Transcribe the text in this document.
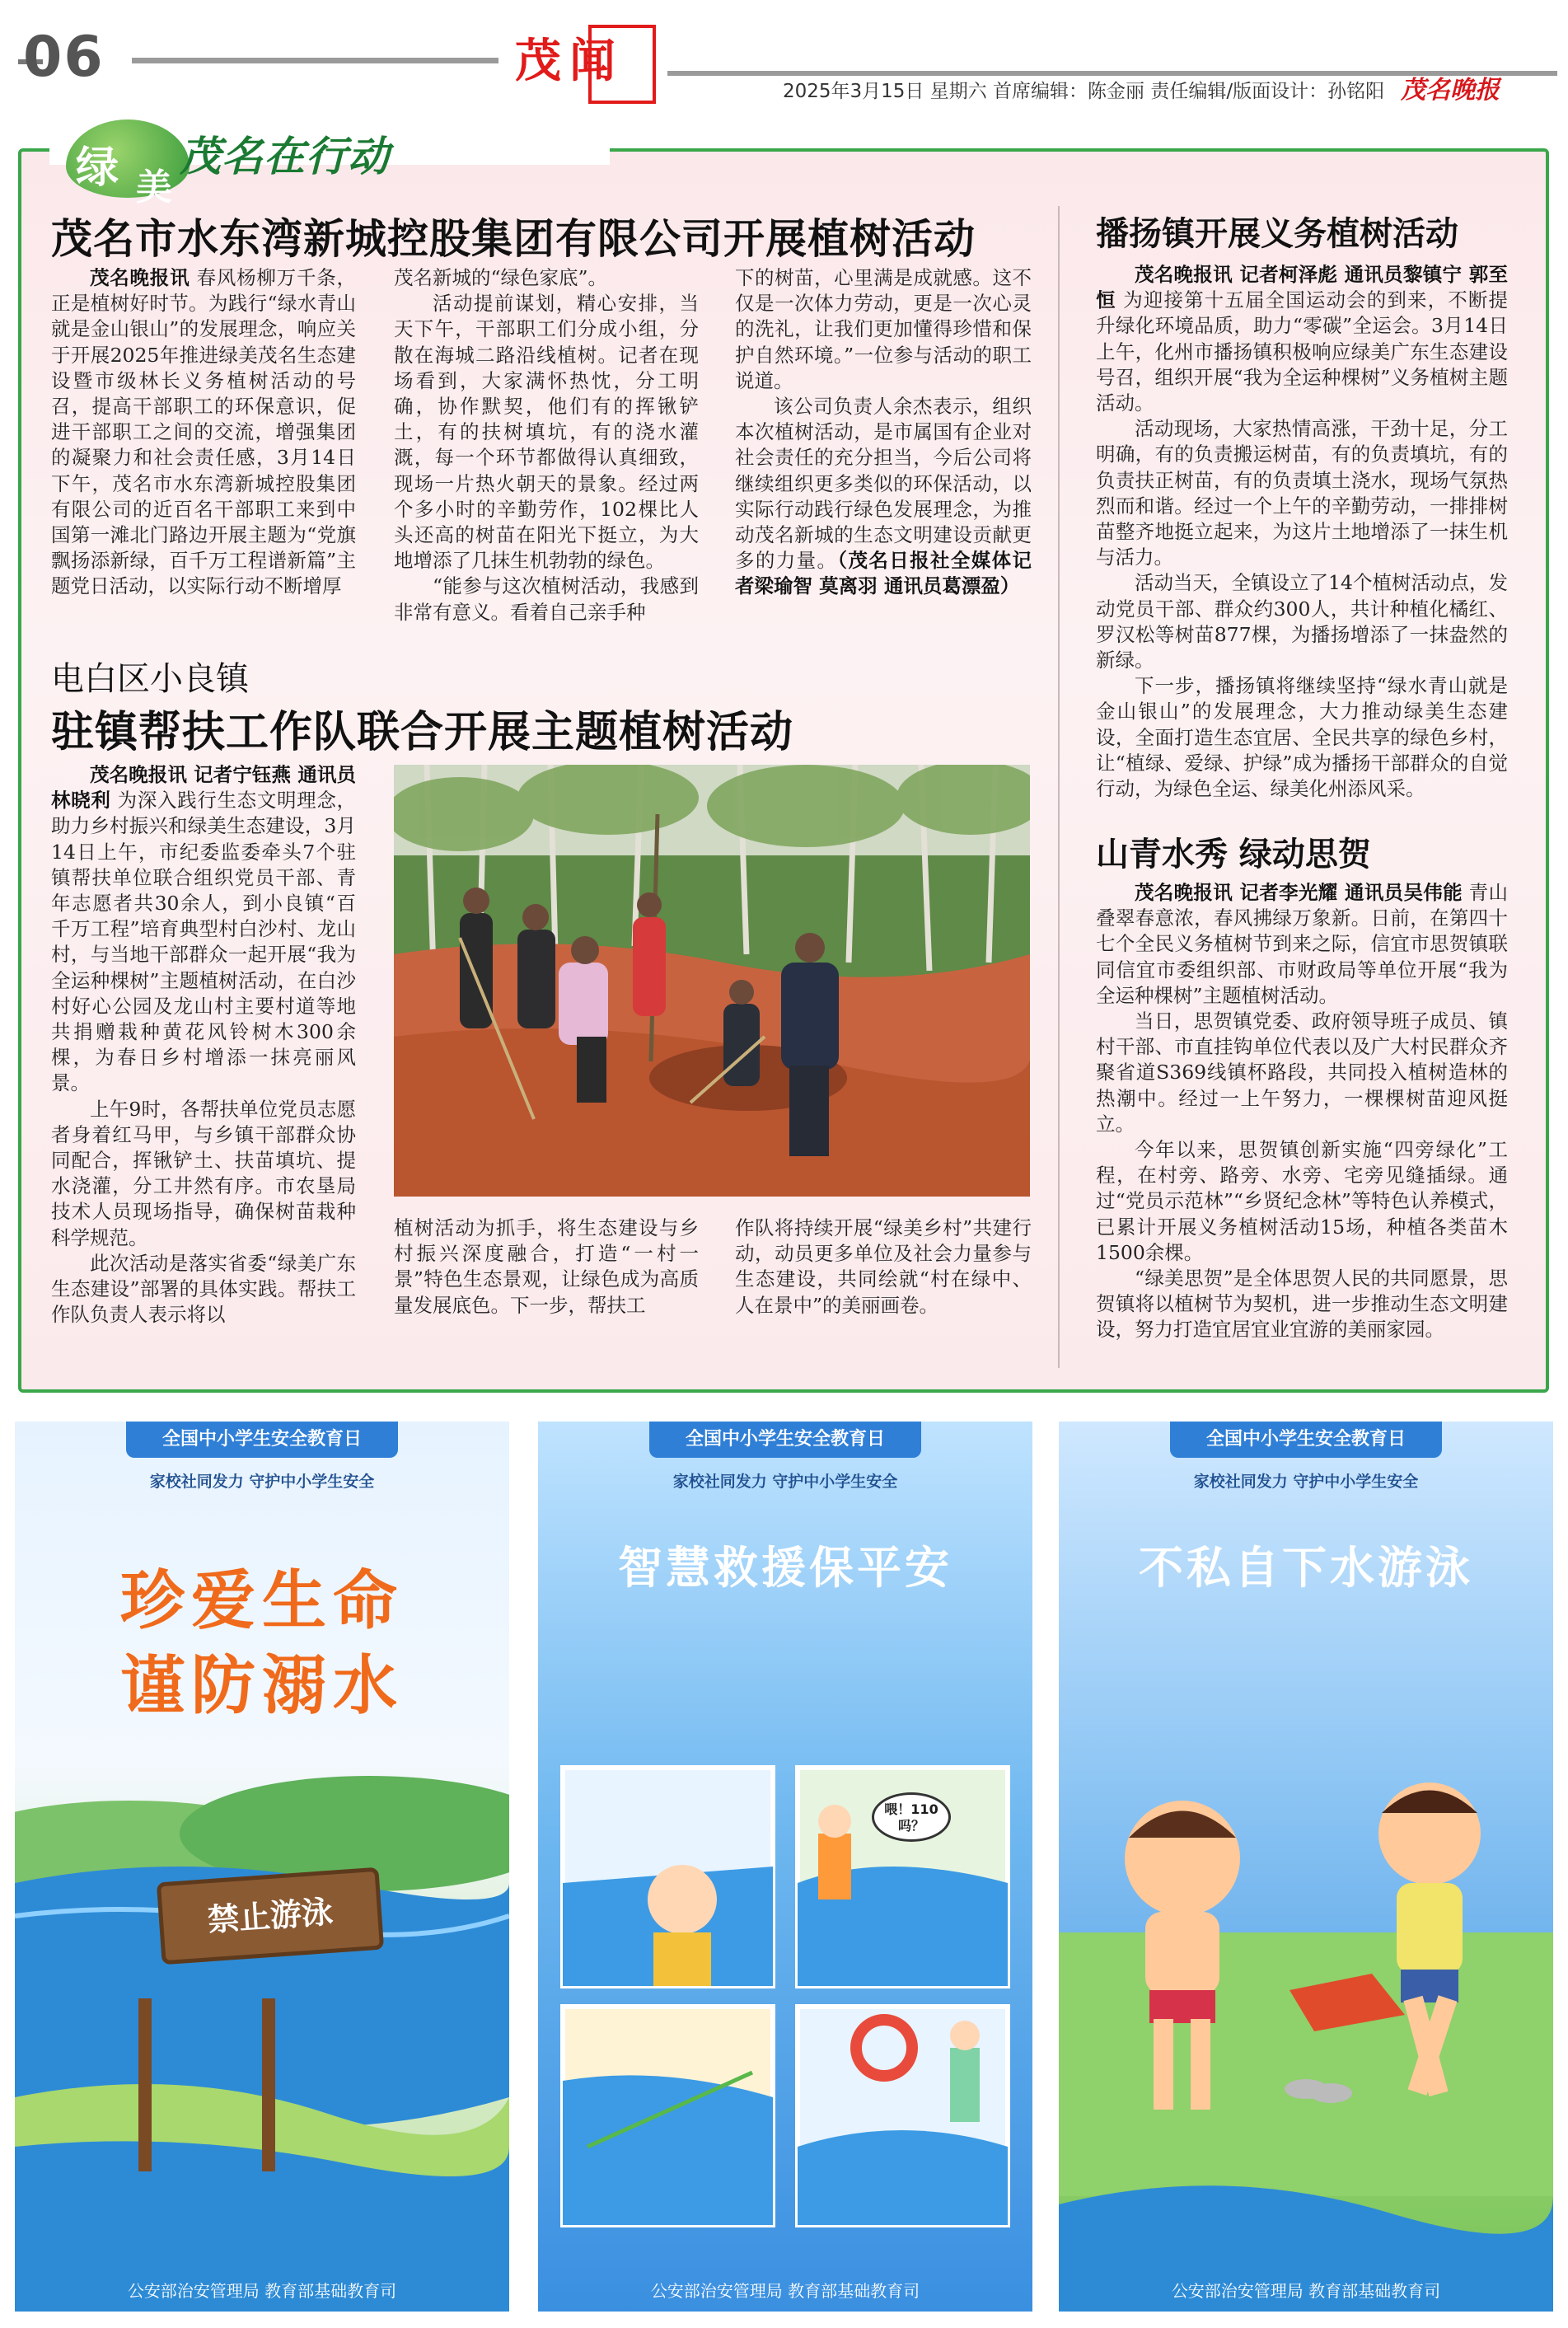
06	茂闻
2025年3月15日 星期六 首席编辑：陈金丽 责任编辑/版面设计：孙铭阳 茂名晚报
绿 美
茂名在行动
茂名市水东湾新城控股集团有限公司开展植树活动

茂名晚报讯 春风杨柳万千条，正是植树好时节。为践行“绿水青山就是金山银山”的发展理念，响应关于开展2025年推进绿美茂名生态建设暨市级林长义务植树活动的号召，提高干部职工的环保意识，促进干部职工之间的交流，增强集团的凝聚力和社会责任感，3月14日下午，茂名市水东湾新城控股集团有限公司的近百名干部职工来到中国第一滩北门路边开展主题为“党旗飘扬添新绿，百千万工程谱新篇”主题党日活动，以实际行动不断增厚

茂名新城的“绿色家底”。

活动提前谋划，精心安排，当天下午，干部职工们分成小组，分散在海城二路沿线植树。记者在现场看到，大家满怀热忱，分工明确，协作默契，他们有的挥锹铲土，有的扶树填坑，有的浇水灌溉，每一个环节都做得认真细致，现场一片热火朝天的景象。经过两个多小时的辛勤劳作，102棵比人头还高的树苗在阳光下挺立，为大地增添了几抹生机勃勃的绿色。

“能参与这次植树活动，我感到非常有意义。看着自己亲手种

下的树苗，心里满是成就感。这不仅是一次体力劳动，更是一次心灵的洗礼，让我们更加懂得珍惜和保护自然环境。”一位参与活动的职工说道。

该公司负责人余杰表示，组织本次植树活动，是市属国有企业对社会责任的充分担当，今后公司将继续组织更多类似的环保活动，以实际行动践行绿色发展理念，为推动茂名新城的生态文明建设贡献更多的力量。（茂名日报社全媒体记者梁瑜智 莫离羽 通讯员葛漂盈）

电白区小良镇
驻镇帮扶工作队联合开展主题植树活动

茂名晚报讯 记者宁钰燕 通讯员林晓利 为深入践行生态文明理念，助力乡村振兴和绿美生态建设，3月14日上午，市纪委监委牵头7个驻镇帮扶单位联合组织党员干部、青年志愿者共30余人，到小良镇“百千万工程”培育典型村白沙村、龙山村，与当地干部群众一起开展“我为全运种棵树”主题植树活动，在白沙村好心公园及龙山村主要村道等地共捐赠栽种黄花风铃树木300余棵，为春日乡村增添一抹亮丽风景。

上午9时，各帮扶单位党员志愿者身着红马甲，与乡镇干部群众协同配合，挥锹铲土、扶苗填坑、提水浇灌，分工井然有序。市农垦局技术人员现场指导，确保树苗栽种科学规范。

此次活动是落实省委“绿美广东生态建设”部署的具体实践。帮扶工作队负责人表示将以

植树活动为抓手，将生态建设与乡村振兴深度融合，打造“一村一景”特色生态景观，让绿色成为高质量发展底色。下一步，帮扶工
作队将持续开展“绿美乡村”共建行动，动员更多单位及社会力量参与生态建设，共同绘就“村在绿中、人在景中”的美丽画卷。
播扬镇开展义务植树活动

茂名晚报讯 记者柯泽彪 通讯员黎镇宁 郭至恒 为迎接第十五届全国运动会的到来，不断提升绿化环境品质，助力“零碳”全运会。3月14日上午，化州市播扬镇积极响应绿美广东生态建设号召，组织开展“我为全运种棵树”义务植树主题活动。

活动现场，大家热情高涨，干劲十足，分工明确，有的负责搬运树苗，有的负责填坑，有的负责扶正树苗，有的负责填土浇水，现场气氛热烈而和谐。经过一个上午的辛勤劳动，一排排树苗整齐地挺立起来，为这片土地增添了一抹生机与活力。

活动当天，全镇设立了14个植树活动点，发动党员干部、群众约300人，共计种植化橘红、罗汉松等树苗877棵，为播扬增添了一抹盎然的新绿。

下一步，播扬镇将继续坚持“绿水青山就是金山银山”的发展理念，大力推动绿美生态建设，全面打造生态宜居、全民共享的绿色乡村，让“植绿、爱绿、护绿”成为播扬干部群众的自觉行动，为绿色全运、绿美化州添风采。

山青水秀 绿动思贺

茂名晚报讯 记者李光耀 通讯员吴伟能 青山叠翠春意浓，春风拂绿万象新。日前，在第四十七个全民义务植树节到来之际，信宜市思贺镇联同信宜市委组织部、市财政局等单位开展“我为全运种棵树”主题植树活动。

当日，思贺镇党委、政府领导班子成员、镇村干部、市直挂钩单位代表以及广大村民群众齐聚省道S369线镇杯路段，共同投入植树造林的热潮中。经过一上午努力，一棵棵树苗迎风挺立。

今年以来，思贺镇创新实施“四旁绿化”工程，在村旁、路旁、水旁、宅旁见缝插绿。通过“党员示范林”“乡贤纪念林”等特色认养模式，已累计开展义务植树活动15场，种植各类苗木1500余棵。

“绿美思贺”是全体思贺人民的共同愿景，思贺镇将以植树节为契机，进一步推动生态文明建设，努力打造宜居宜业宜游的美丽家园。

全国中小学生安全教育日
家校社同发力 守护中小学生安全
珍爱生命
谨防溺水
禁止游泳
公安部治安管理局 教育部基础教育司
全国中小学生安全教育日
家校社同发力 守护中小学生安全
智慧救援保平安
喂！110吗？
公安部治安管理局 教育部基础教育司
全国中小学生安全教育日
家校社同发力 守护中小学生安全
不私自下水游泳
公安部治安管理局 教育部基础教育司
